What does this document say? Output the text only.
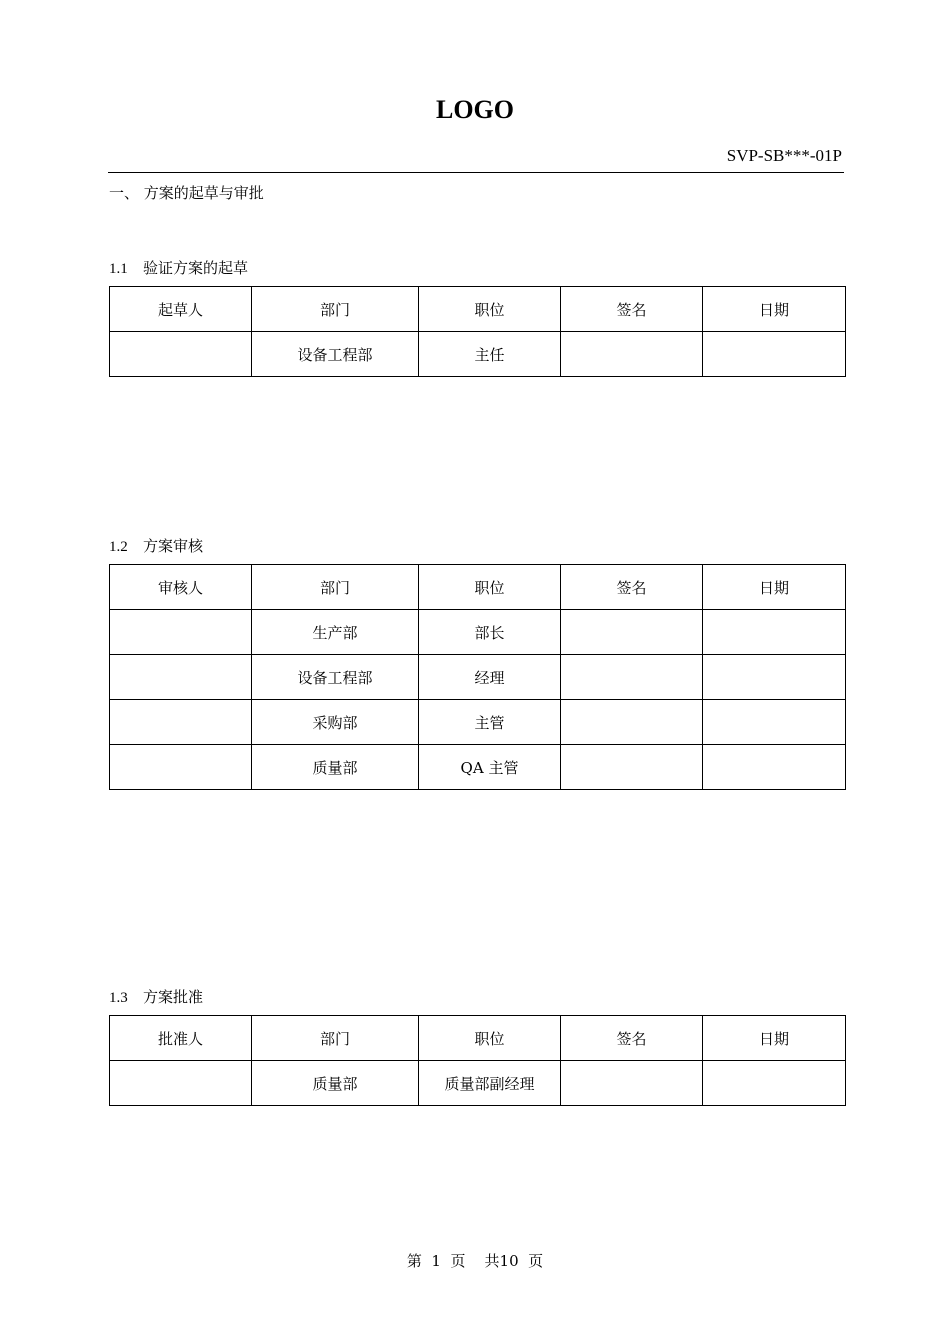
LOGO
SVP-SB***-01P
一、 方案的起草与审批
1.1 验证方案的起草
起草人	部门	职位	签名	日期
	设备工程部	主任		
1.2 方案审核
审核人	部门	职位	签名	日期
	生产部	部长		
	设备工程部	经理		
	采购部	主管		
	质量部	QA 主管		
1.3 方案批准
批准人	部门	职位	签名	日期
	质量部	质量部副经理		
第  1  页    共10  页
